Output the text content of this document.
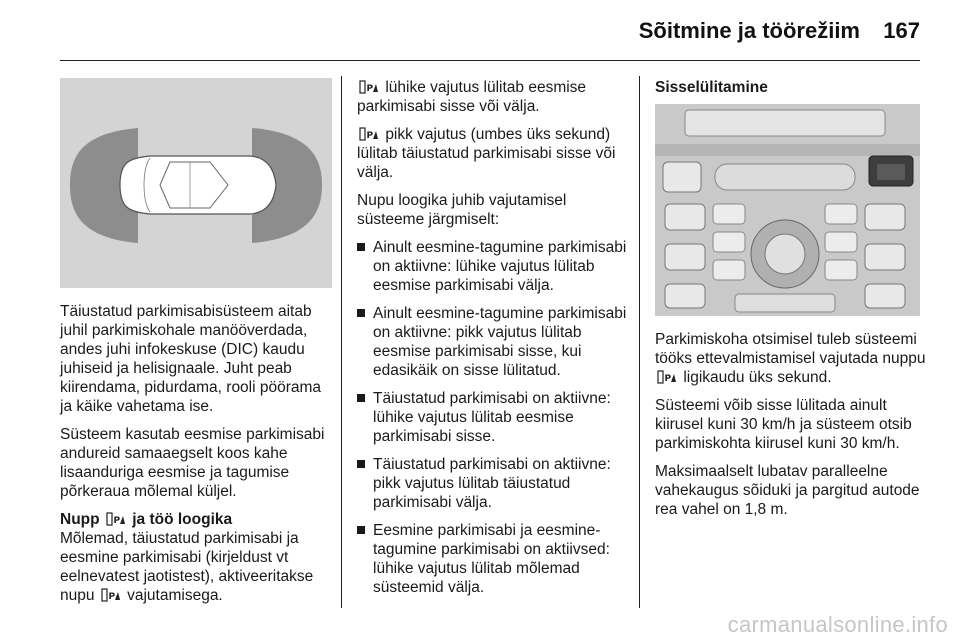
Sõitmine ja töörežiim 167

Täiustatud parkimisabisüsteem aitab juhil parkimiskohale manööverdada, andes juhi infokeskuse (DIC) kaudu juhiseid ja helisignaale. Juht peab kiirendama, pidurdama, rooli pöörama ja käike vahetama ise.

Süsteem kasutab eesmise parkimisabi andureid samaaegselt koos kahe lisaanduriga eesmise ja tagumise põrkeraua mõlemal küljel.

Nupp P ja töö loogika

Mõlemad, täiustatud parkimisabi ja eesmine parkimisabi (kirjeldust vt eelnevatest jaotistest), aktiveeritakse nupu P vajutamisega.

P lühike vajutus lülitab eesmise parkimisabi sisse või välja.

P pikk vajutus (umbes üks sekund) lülitab täiustatud parkimisabi sisse või välja.

Nupu loogika juhib vajutamisel süsteeme järgmiselt:

Ainult eesmine-tagumine parkimisabi on aktiivne: lühike vajutus lülitab eesmise parkimisabi välja.
Ainult eesmine-tagumine parkimisabi on aktiivne: pikk vajutus lülitab eesmise parkimisabi sisse, kui edasikäik on sisse lülitatud.
Täiustatud parkimisabi on aktiivne: lühike vajutus lülitab eesmise parkimisabi sisse.
Täiustatud parkimisabi on aktiivne: pikk vajutus lülitab täiustatud parkimisabi välja.
Eesmine parkimisabi ja eesmine-tagumine parkimisabi on aktiivsed: lühike vajutus lülitab mõlemad süsteemid välja.
Sisselülitamine

Parkimiskoha otsimisel tuleb süsteemi tööks ettevalmistamisel vajutada nuppu
P ligikaudu üks sekund.

Süsteemi võib sisse lülitada ainult kiirusel kuni 30 km/h ja süsteem otsib parkimiskohta kiirusel kuni 30 km/h.

Maksimaalselt lubatav paralleelne vahekaugus sõiduki ja pargitud autode rea vahel on 1,8 m.

carmanualsonline.info
